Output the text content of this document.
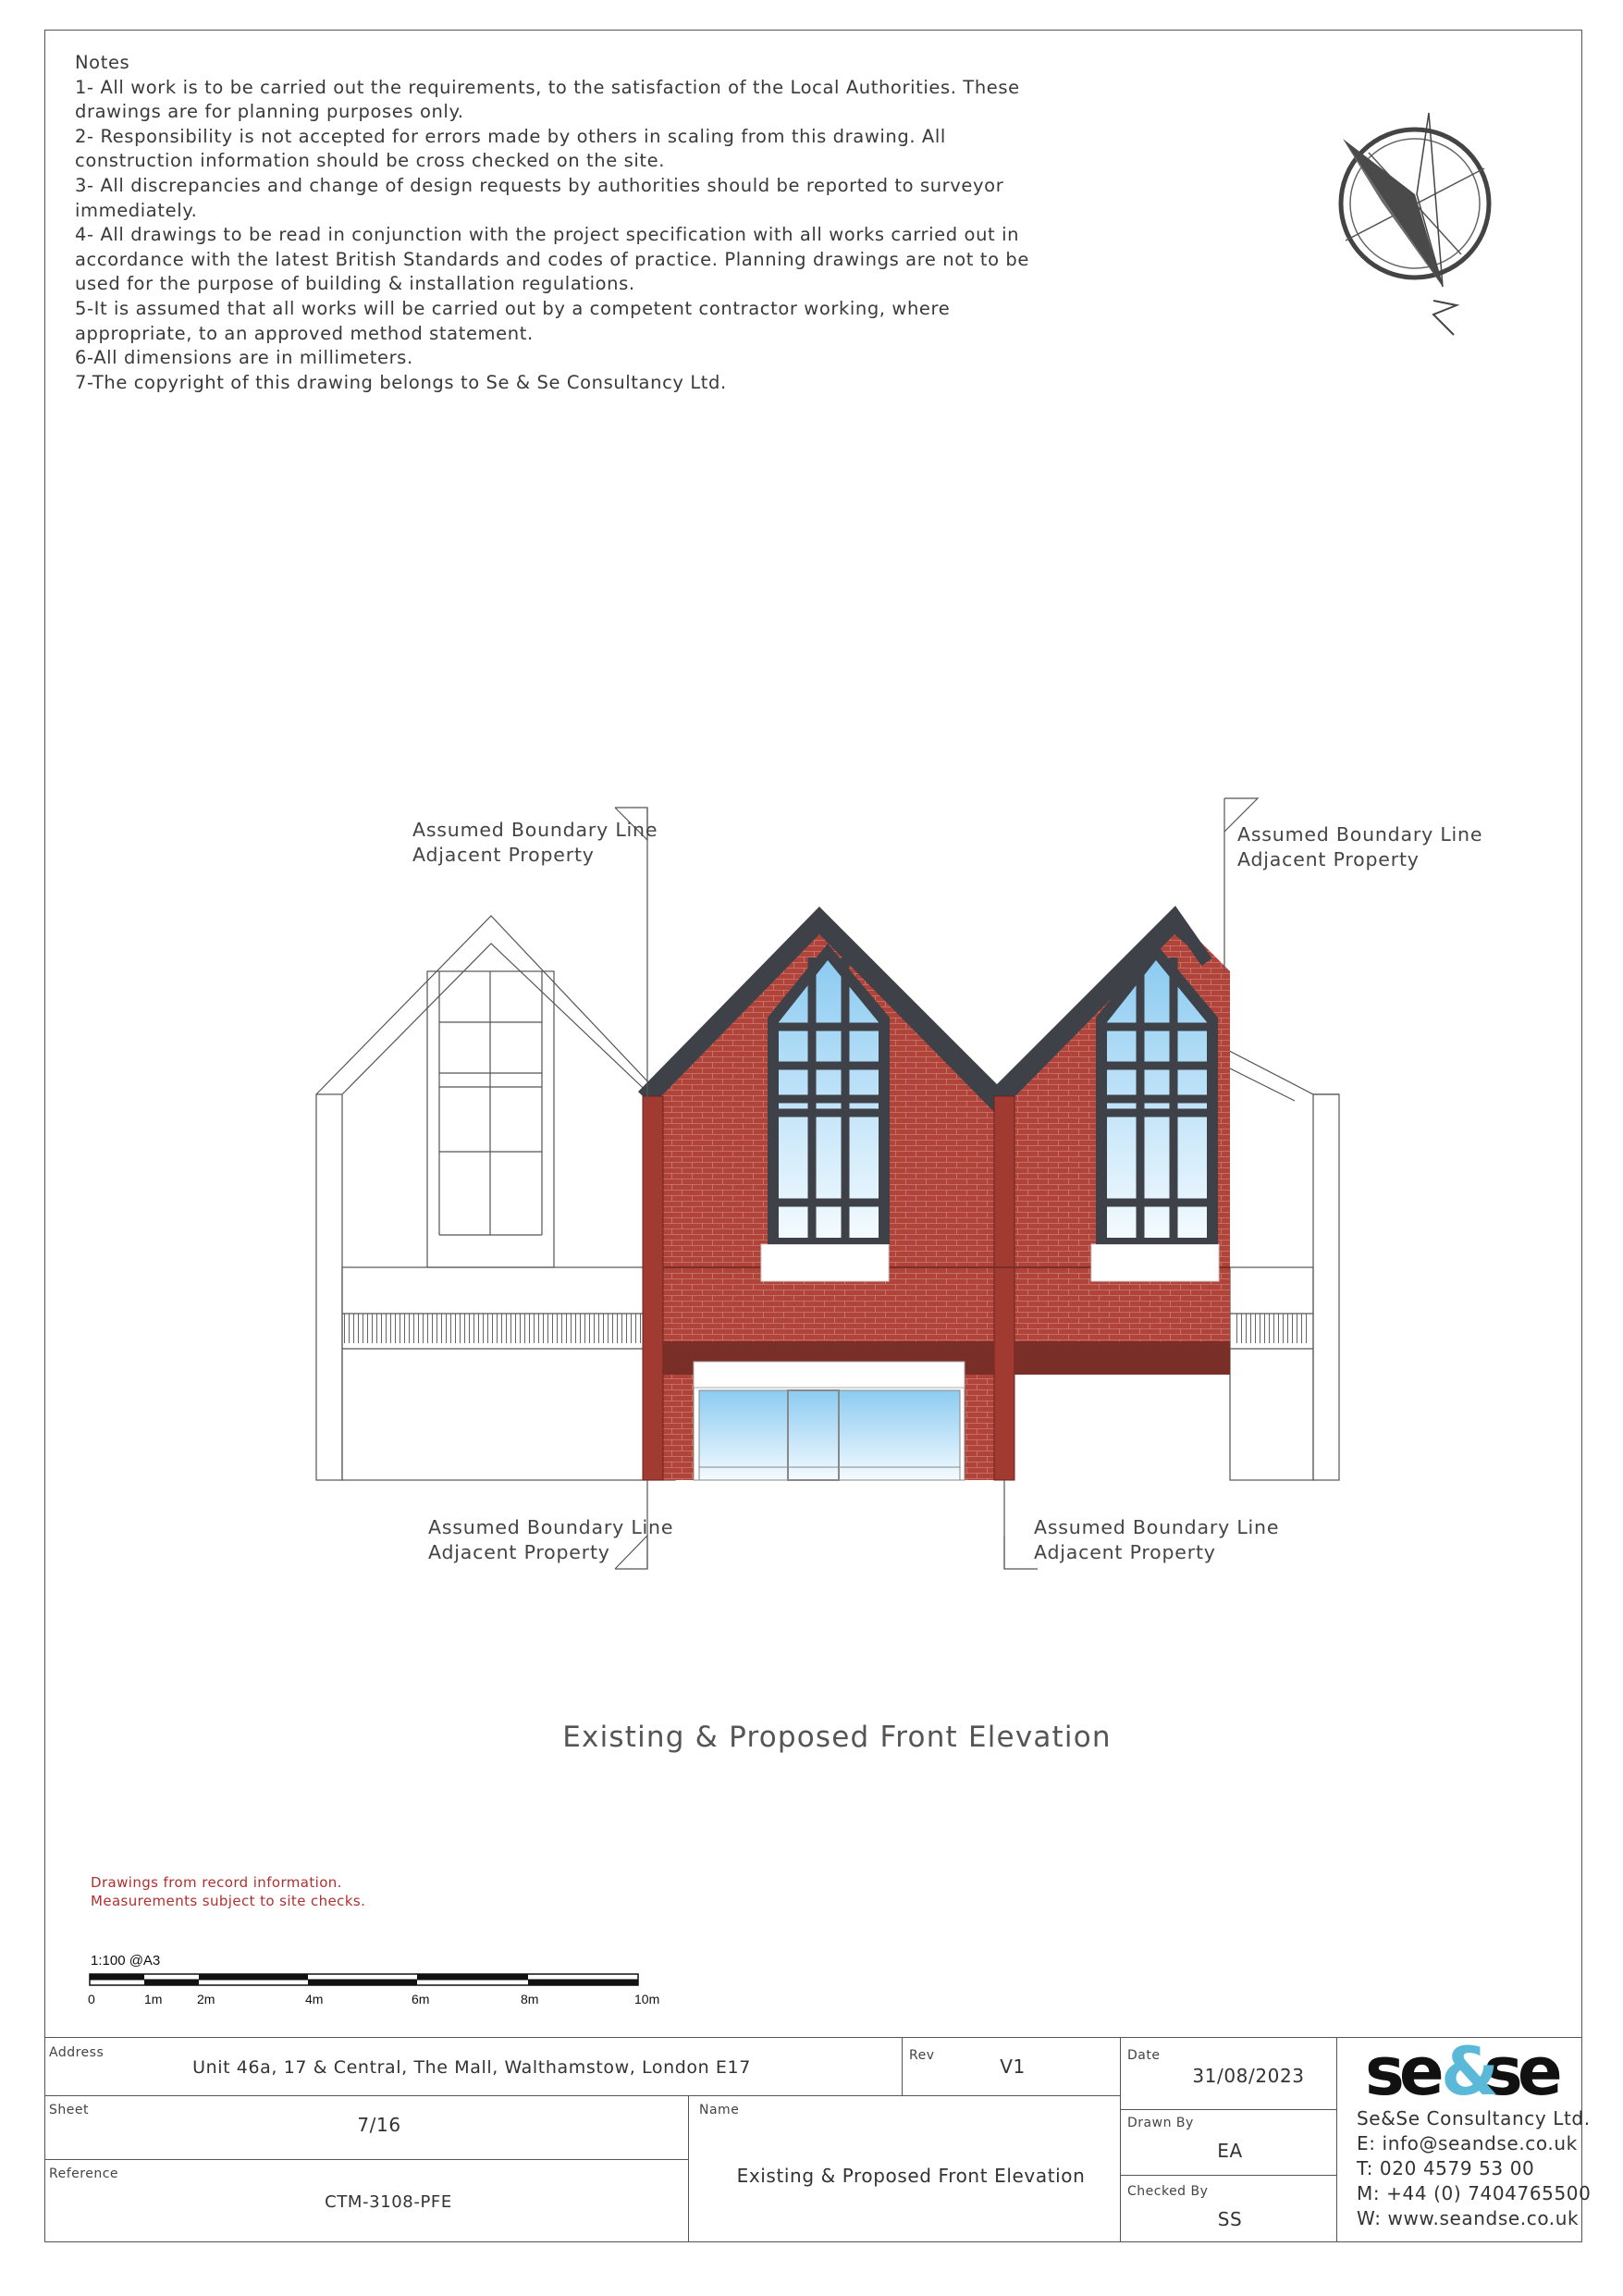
Notes
1- All work is to be carried out the requirements, to the satisfaction of the Local Authorities. These
drawings are for planning purposes only.
2- Responsibility is not accepted for errors made by others in scaling from this drawing. All
construction information should be cross checked on the site.
3- All discrepancies and change of design requests by authorities should be reported to surveyor
immediately.
4- All drawings to be read in conjunction with the project specification with all works carried out in
accordance with the latest British Standards and codes of practice. Planning drawings are not to be
used for the purpose of building & installation regulations.
5-It is assumed that all works will be carried out by a competent contractor working, where
appropriate, to an approved method statement.
6-All dimensions are in millimeters.
7-The copyright of this drawing belongs to Se & Se Consultancy Ltd.
Assumed Boundary Line
Adjacent Property
Assumed Boundary Line
Adjacent Property
Assumed Boundary Line
Adjacent Property
Assumed Boundary Line
Adjacent Property
Existing & Proposed Front Elevation
Drawings from record information.
Measurements subject to site checks.
1:100 @A3
0	1m	2m	4m	6m	8m	10m
Address
Unit 46a, 17 & Central, The Mall, Walthamstow, London E17
Rev	V1	Date
31/08/2023
Sheet
7/16
Name
Existing & Proposed Front Elevation
Drawn By
EA
Reference
CTM-3108-PFE
Checked By
SS
se se
&
Se&Se Consultancy Ltd.
E: info@seandse.co.uk
T: 020 4579 53 00
M: +44 (0) 7404765500
W: www.seandse.co.uk
